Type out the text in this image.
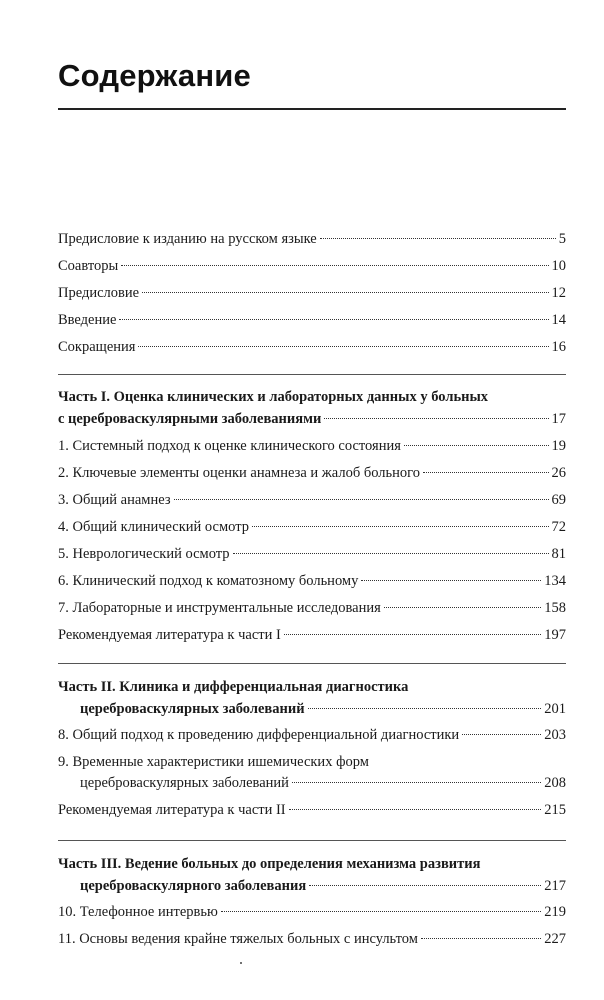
Содержание
Предисловие к изданию на русском языке	5
Соавторы	10
Предисловие	12
Введение	14
Сокращения	16
Часть I. Оценка клинических и лабораторных данных у больных
с цереброваскулярными заболеваниями	17
1. Системный подход к оценке клинического состояния	19
2. Ключевые элементы оценки анамнеза и жалоб больного	26
3. Общий анамнез	69
4. Общий клинический осмотр	72
5. Неврологический осмотр	81
6. Клинический подход к коматозному больному	134
7. Лабораторные и инструментальные исследования	158
Рекомендуемая литература к части I	197
Часть II. Клиника и дифференциальная диагностика
цереброваскулярных заболеваний	201
8. Общий подход к проведению дифференциальной диагностики	203
9. Временные характеристики ишемических форм
цереброваскулярных заболеваний	208
Рекомендуемая литература к части II	215
Часть III. Ведение больных до определения механизма развития
цереброваскулярного заболевания	217
10. Телефонное интервью	219
11. Основы ведения крайне тяжелых больных с инсультом	227
